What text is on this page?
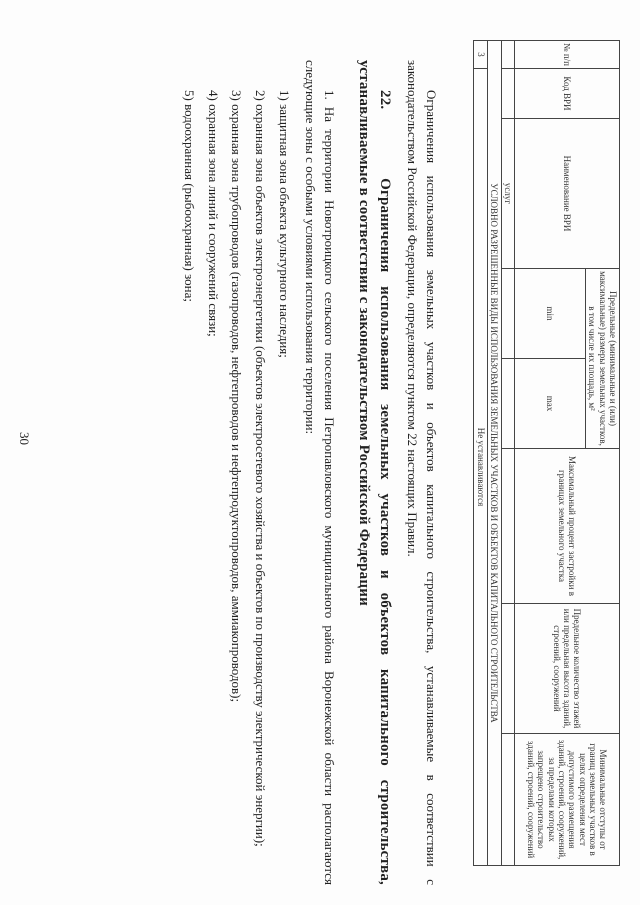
30
№ п/п	Код ВРИ	Наименование ВРИ	Предельные (минимальные и (или) максимальные) размеры земельных участков, в том числе их площадь, м²		Максимальный процент застройки в границах земельного участка	Предельное количество этажей или предельная высота зданий, строений, сооружений	Минимальные отступы от границ земельных участков в целях определения мест допустимого размещения зданий, строений, сооружений, за пределами которых запрещено строительство зданий, строений, сооружений
			min	max			
		услуг					
УСЛОВНО РАЗРЕШЕННЫЕ ВИДЫ ИСПОЛЬЗОВАНИЯ ЗЕМЕЛЬНЫХ УЧАСТКОВ И ОБЪЕКТОВ КАПИТАЛЬНОГО СТРОИТЕЛЬСТВА							
3	Не устанавливаются						

Ограничения использования земельных участков и объектов капитального строительства, устанавливаемые в соответствии с законодательством Российской Федерации, определяются пунктом 22 настоящих Правил.

22.     Ограничения использования земельных участков и объектов капитального строительства, устанавливаемые в соответствии с законодательством Российской Федерации

1. На территории Новотроицкого сельского поселения Петропавловского муниципального района Воронежской области располагаются следующие зоны с особыми условиями использования территории:

1) защитная зона объекта культурного наследия;
2) охранная зона объектов электроэнергетики (объектов электросетевого хозяйства и объектов по производству электрической энергии);
3) охранная зона трубопроводов (газопроводов, нефтепроводов и нефтепродуктопроводов, аммиакопроводов);
4) охранная зона линий и сооружений связи;
5) водоохранная (рыбоохранная) зона;
